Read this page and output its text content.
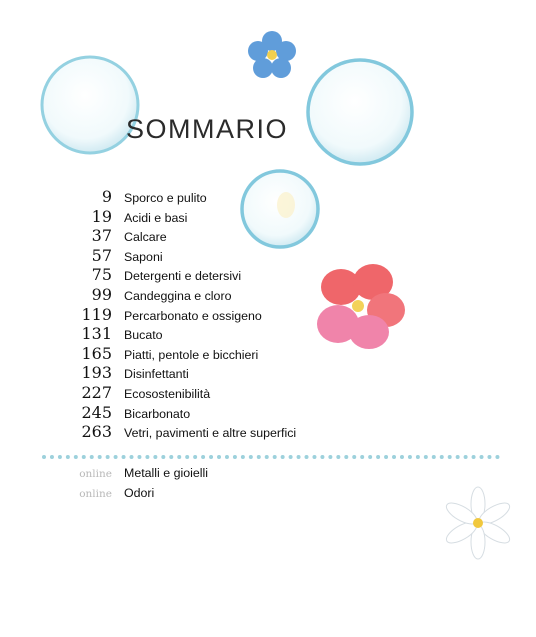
SOMMARIO
9 Sporco e pulito
19 Acidi e basi
37 Calcare
57 Saponi
75 Detergenti e detersivi
99 Candeggina e cloro
119 Percarbonato e ossigeno
131 Bucato
165 Piatti, pentole e bicchieri
193 Disinfettanti
227 Ecosostenibilità
245 Bicarbonato
263 Vetri, pavimenti e altre superfici
online Metalli e gioielli
online Odori
